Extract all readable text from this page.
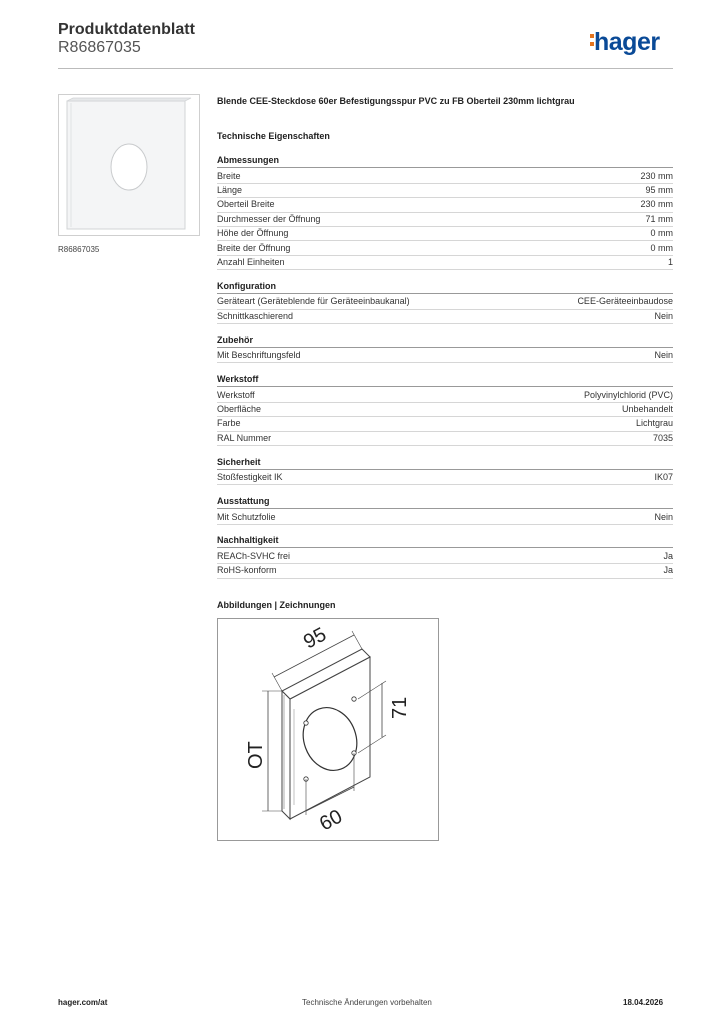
Produktdatenblatt
R86867035	hager
R86867035
Blende CEE-Steckdose 60er Befestigungsspur PVC zu FB Oberteil 230mm lichtgrau
Technische Eigenschaften
Abmessungen
Breite	230 mm
Länge	95 mm
Oberteil Breite	230 mm
Durchmesser der Öffnung	71 mm
Höhe der Öffnung	0 mm
Breite der Öffnung	0 mm
Anzahl Einheiten	1
Konfiguration
Geräteart (Geräteblende für Geräteeinbaukanal)	CEE-Geräteeinbaudose
Schnittkaschierend	Nein
Zubehör
Mit Beschriftungsfeld	Nein
Werkstoff
Werkstoff	Polyvinylchlorid (PVC)
Oberfläche	Unbehandelt
Farbe	Lichtgrau
RAL Nummer	7035
Sicherheit
Stoßfestigkeit IK	IK07
Ausstattung
Mit Schutzfolie	Nein
Nachhaltigkeit
REACh-SVHC frei	Ja
RoHS-konform	Ja
Abbildungen | Zeichnungen
95
71
OT
60
hager.com/at	Technische Änderungen vorbehalten	18.04.2026
